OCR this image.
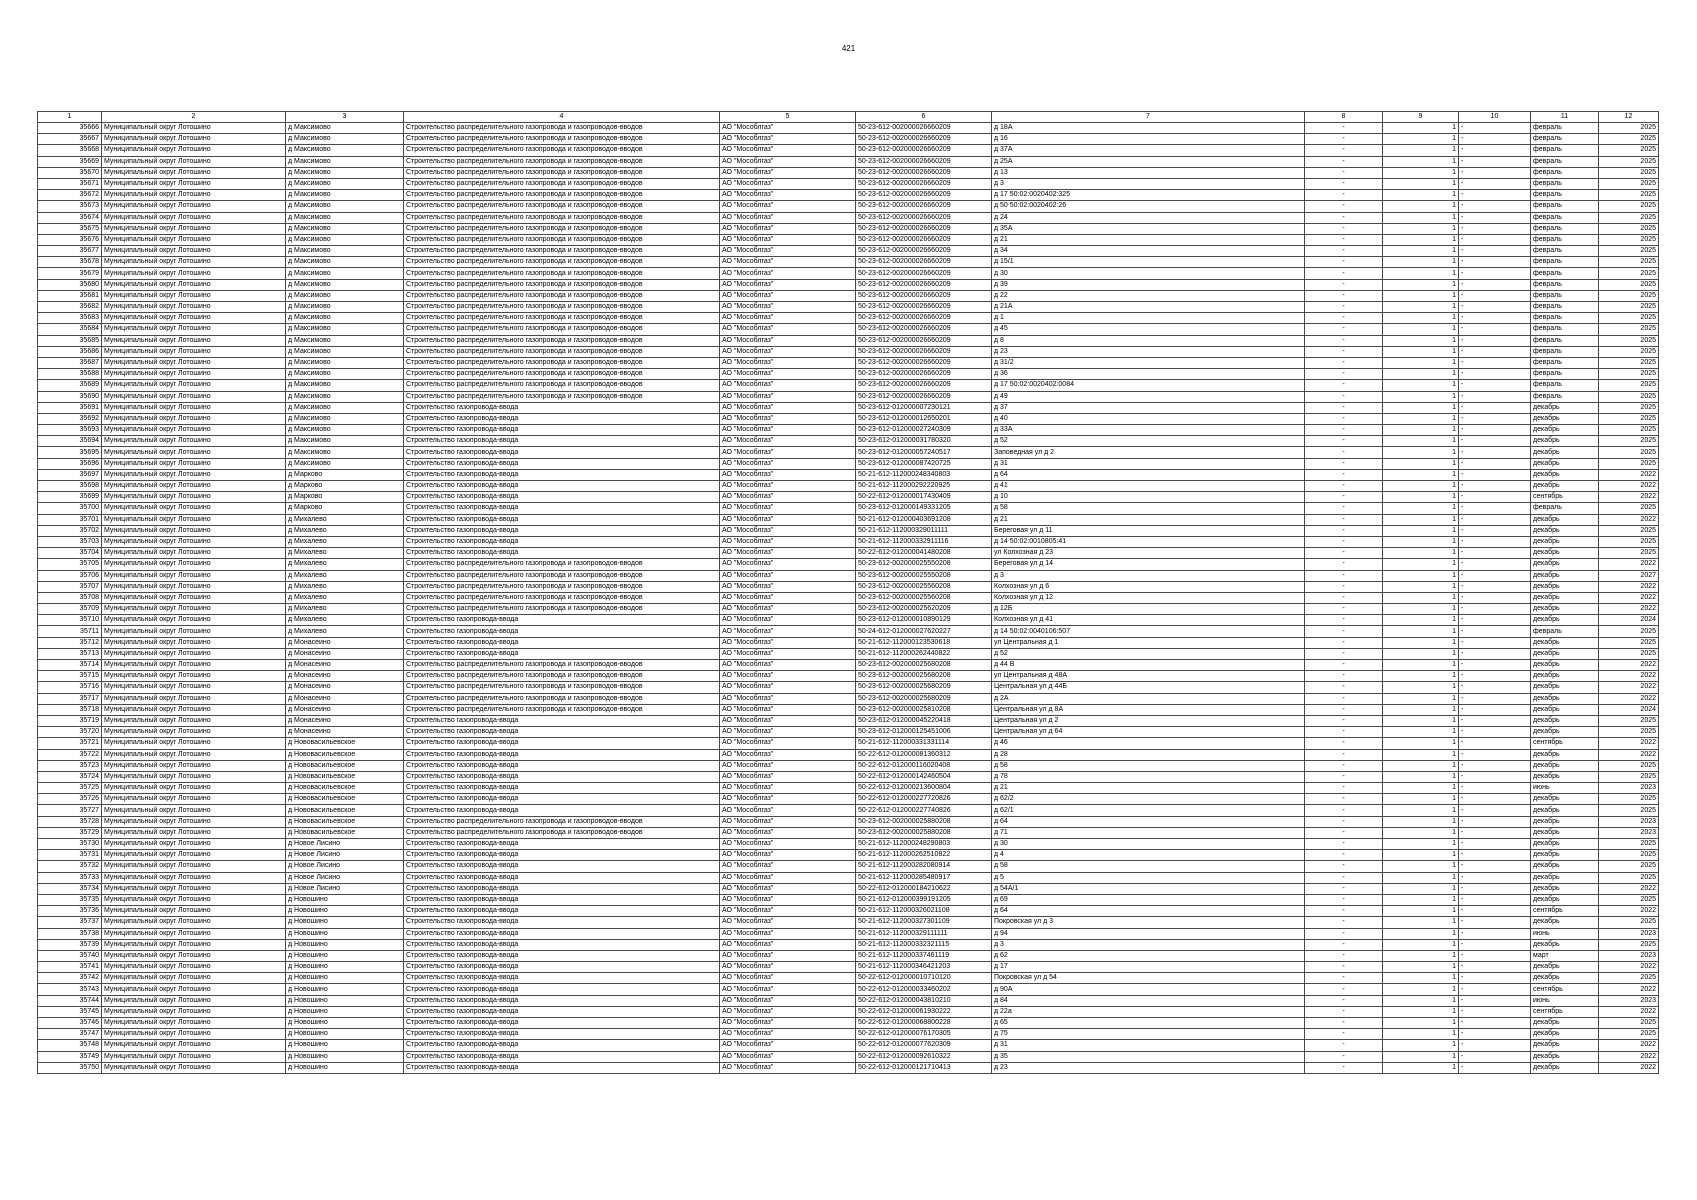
421
1	2	3	4	5	6	7	8	9	10	11	12
35666	Муниципальный округ Лотошино	д Максимово	Строительство распределительного газопровода и газопроводов-вводов	АО "Мособлгаз"	50-23-612-002000026660209	д 18А	-	1	-	февраль	2025
35667	Муниципальный округ Лотошино	д Максимово	Строительство распределительного газопровода и газопроводов-вводов	АО "Мособлгаз"	50-23-612-002000026660209	д 16	-	1	-	февраль	2025
35668	Муниципальный округ Лотошино	д Максимово	Строительство распределительного газопровода и газопроводов-вводов	АО "Мособлгаз"	50-23-612-002000026660209	д 37А	-	1	-	февраль	2025
35669	Муниципальный округ Лотошино	д Максимово	Строительство распределительного газопровода и газопроводов-вводов	АО "Мособлгаз"	50-23-612-002000026660209	д 25А	-	1	-	февраль	2025
35670	Муниципальный округ Лотошино	д Максимово	Строительство распределительного газопровода и газопроводов-вводов	АО "Мособлгаз"	50-23-612-002000026660209	д 13	-	1	-	февраль	2025
35671	Муниципальный округ Лотошино	д Максимово	Строительство распределительного газопровода и газопроводов-вводов	АО "Мособлгаз"	50-23-612-002000026660209	д 3	-	1	-	февраль	2025
35672	Муниципальный округ Лотошино	д Максимово	Строительство распределительного газопровода и газопроводов-вводов	АО "Мособлгаз"	50-23-612-002000026660209	д 17 50:02:0020402:325	-	1	-	февраль	2025
35673	Муниципальный округ Лотошино	д Максимово	Строительство распределительного газопровода и газопроводов-вводов	АО "Мособлгаз"	50-23-612-002000026660209	д 50 50:02:0020402:26	-	1	-	февраль	2025
35674	Муниципальный округ Лотошино	д Максимово	Строительство распределительного газопровода и газопроводов-вводов	АО "Мособлгаз"	50-23-612-002000026660209	д 24	-	1	-	февраль	2025
35675	Муниципальный округ Лотошино	д Максимово	Строительство распределительного газопровода и газопроводов-вводов	АО "Мособлгаз"	50-23-612-002000026660209	д 35А	-	1	-	февраль	2025
35676	Муниципальный округ Лотошино	д Максимово	Строительство распределительного газопровода и газопроводов-вводов	АО "Мособлгаз"	50-23-612-002000026660209	д 21	-	1	-	февраль	2025
35677	Муниципальный округ Лотошино	д Максимово	Строительство распределительного газопровода и газопроводов-вводов	АО "Мособлгаз"	50-23-612-002000026660209	д 34	-	1	-	февраль	2025
35678	Муниципальный округ Лотошино	д Максимово	Строительство распределительного газопровода и газопроводов-вводов	АО "Мособлгаз"	50-23-612-002000026660209	д 15/1	-	1	-	февраль	2025
35679	Муниципальный округ Лотошино	д Максимово	Строительство распределительного газопровода и газопроводов-вводов	АО "Мособлгаз"	50-23-612-002000026660209	д 30	-	1	-	февраль	2025
35680	Муниципальный округ Лотошино	д Максимово	Строительство распределительного газопровода и газопроводов-вводов	АО "Мособлгаз"	50-23-612-002000026660209	д 39	-	1	-	февраль	2025
35681	Муниципальный округ Лотошино	д Максимово	Строительство распределительного газопровода и газопроводов-вводов	АО "Мособлгаз"	50-23-612-002000026660209	д 22	-	1	-	февраль	2025
35682	Муниципальный округ Лотошино	д Максимово	Строительство распределительного газопровода и газопроводов-вводов	АО "Мособлгаз"	50-23-612-002000026660209	д 21А	-	1	-	февраль	2025
35683	Муниципальный округ Лотошино	д Максимово	Строительство распределительного газопровода и газопроводов-вводов	АО "Мособлгаз"	50-23-612-002000026660209	д 1	-	1	-	февраль	2025
35684	Муниципальный округ Лотошино	д Максимово	Строительство распределительного газопровода и газопроводов-вводов	АО "Мособлгаз"	50-23-612-002000026660209	д 45	-	1	-	февраль	2025
35685	Муниципальный округ Лотошино	д Максимово	Строительство распределительного газопровода и газопроводов-вводов	АО "Мособлгаз"	50-23-612-002000026660209	д 8	-	1	-	февраль	2025
35686	Муниципальный округ Лотошино	д Максимово	Строительство распределительного газопровода и газопроводов-вводов	АО "Мособлгаз"	50-23-612-002000026660209	д 23	-	1	-	февраль	2025
35687	Муниципальный округ Лотошино	д Максимово	Строительство распределительного газопровода и газопроводов-вводов	АО "Мособлгаз"	50-23-612-002000026660209	д 31/2	-	1	-	февраль	2025
35688	Муниципальный округ Лотошино	д Максимово	Строительство распределительного газопровода и газопроводов-вводов	АО "Мособлгаз"	50-23-612-002000026660209	д 36	-	1	-	февраль	2025
35689	Муниципальный округ Лотошино	д Максимово	Строительство распределительного газопровода и газопроводов-вводов	АО "Мособлгаз"	50-23-612-002000026660209	д 17 50:02:0020402:0084	-	1	-	февраль	2025
35690	Муниципальный округ Лотошино	д Максимово	Строительство распределительного газопровода и газопроводов-вводов	АО "Мособлгаз"	50-23-612-002000026660209	д 49	-	1	-	февраль	2025
35691	Муниципальный округ Лотошино	д Максимово	Строительство газопровода-ввода	АО "Мособлгаз"	50-23-612-012000007230121	д 37	-	1	-	декабрь	2025
35692	Муниципальный округ Лотошино	д Максимово	Строительство газопровода-ввода	АО "Мособлгаз"	50-23-612-012000012650201	д 40	-	1	-	декабрь	2025
35693	Муниципальный округ Лотошино	д Максимово	Строительство газопровода-ввода	АО "Мособлгаз"	50-23-612-012000027240309	д 33А	-	1	-	декабрь	2025
35694	Муниципальный округ Лотошино	д Максимово	Строительство газопровода-ввода	АО "Мособлгаз"	50-23-612-012000031780320	д 52	-	1	-	декабрь	2025
35695	Муниципальный округ Лотошино	д Максимово	Строительство газопровода-ввода	АО "Мособлгаз"	50-23-612-012000057240517	Заповедная ул д 2	-	1	-	декабрь	2025
35696	Муниципальный округ Лотошино	д Максимово	Строительство газопровода-ввода	АО "Мособлгаз"	50-23-612-012000087420725	д 31	-	1	-	декабрь	2025
35697	Муниципальный округ Лотошино	д Марково	Строительство газопровода-ввода	АО "Мособлгаз"	50-21-612-112000248340803	д 64	-	1	-	декабрь	2022
35698	Муниципальный округ Лотошино	д Марково	Строительство газопровода-ввода	АО "Мособлгаз"	50-21-612-112000292220925	д 41	-	1	-	декабрь	2022
35699	Муниципальный округ Лотошино	д Марково	Строительство газопровода-ввода	АО "Мособлгаз"	50-22-612-012000017430409	д 10	-	1	-	сентябрь	2022
35700	Муниципальный округ Лотошино	д Марково	Строительство газопровода-ввода	АО "Мособлгаз"	50-23-612-012000149331205	д 58	-	1	-	февраль	2025
35701	Муниципальный округ Лотошино	д Михалево	Строительство газопровода-ввода	АО "Мособлгаз"	50-21-612-012000403691208	д 21	-	1	-	декабрь	2022
35702	Муниципальный округ Лотошино	д Михалево	Строительство газопровода-ввода	АО "Мособлгаз"	50-21-612-112000329011111	Береговая ул д 11	-	1	-	декабрь	2025
35703	Муниципальный округ Лотошино	д Михалево	Строительство газопровода-ввода	АО "Мособлгаз"	50-21-612-112000332911116	д 14 50:02:0010805:41	-	1	-	декабрь	2025
35704	Муниципальный округ Лотошино	д Михалево	Строительство газопровода-ввода	АО "Мособлгаз"	50-22-612-012000041480208	ул Колхозная д 23	-	1	-	декабрь	2025
35705	Муниципальный округ Лотошино	д Михалево	Строительство распределительного газопровода и газопроводов-вводов	АО "Мособлгаз"	50-23-612-002000025550208	Береговая ул д 14	-	1	-	декабрь	2022
35706	Муниципальный округ Лотошино	д Михалево	Строительство распределительного газопровода и газопроводов-вводов	АО "Мособлгаз"	50-23-612-002000025550208	д 3	-	1	-	декабрь	2027
35707	Муниципальный округ Лотошино	д Михалево	Строительство распределительного газопровода и газопроводов-вводов	АО "Мособлгаз"	50-23-612-002000025560208	Колхозная ул д 6	-	1	-	декабрь	2022
35708	Муниципальный округ Лотошино	д Михалево	Строительство распределительного газопровода и газопроводов-вводов	АО "Мособлгаз"	50-23-612-002000025560208	Колхозная ул д 12	-	1	-	декабрь	2022
35709	Муниципальный округ Лотошино	д Михалево	Строительство распределительного газопровода и газопроводов-вводов	АО "Мособлгаз"	50-23-612-002000025620209	д 12Б	-	1	-	декабрь	2022
35710	Муниципальный округ Лотошино	д Михалево	Строительство газопровода-ввода	АО "Мособлгаз"	50-23-612-012000010890129	Колхозная ул д 41	-	1	-	декабрь	2024
35711	Муниципальный округ Лотошино	д Михалево	Строительство газопровода-ввода	АО "Мособлгаз"	50-24-612-012000027620227	д 14 50:02:0040106:507	-	1	-	февраль	2025
35712	Муниципальный округ Лотошино	д Монасеино	Строительство газопровода-ввода	АО "Мособлгаз"	50-21-612-112000123530618	ул Центральная д 1	-	1	-	декабрь	2025
35713	Муниципальный округ Лотошино	д Монасеино	Строительство газопровода-ввода	АО "Мособлгаз"	50-21-612-112000262440822	д 52	-	1	-	декабрь	2025
35714	Муниципальный округ Лотошино	д Монасеино	Строительство распределительного газопровода и газопроводов-вводов	АО "Мособлгаз"	50-23-612-002000025680208	д 44 В	-	1	-	декабрь	2022
35715	Муниципальный округ Лотошино	д Монасеино	Строительство распределительного газопровода и газопроводов-вводов	АО "Мособлгаз"	50-23-612-002000025680208	ул Центральная д 48А	-	1	-	декабрь	2022
35716	Муниципальный округ Лотошино	д Монасеино	Строительство распределительного газопровода и газопроводов-вводов	АО "Мособлгаз"	50-23-612-002000025680209	Центральная ул д 44Б	-	1	-	декабрь	2022
35717	Муниципальный округ Лотошино	д Монасеино	Строительство распределительного газопровода и газопроводов-вводов	АО "Мособлгаз"	50-23-612-002000025680209	д 2А	-	1	-	декабрь	2022
35718	Муниципальный округ Лотошино	д Монасеино	Строительство распределительного газопровода и газопроводов-вводов	АО "Мособлгаз"	50-23-612-002000025810208	Центральная ул д 8А	-	1	-	декабрь	2024
35719	Муниципальный округ Лотошино	д Монасеино	Строительство газопровода-ввода	АО "Мособлгаз"	50-23-612-012000045220418	Центральная ул д 2	-	1	-	декабрь	2025
35720	Муниципальный округ Лотошино	д Монасеино	Строительство газопровода-ввода	АО "Мособлгаз"	50-23-612-012000125451006	Центральная ул д 64	-	1	-	декабрь	2025
35721	Муниципальный округ Лотошино	д Нововасильевское	Строительство газопровода-ввода	АО "Мособлгаз"	50-21-612-112000331331114	д 46	-	1	-	сентябрь	2022
35722	Муниципальный округ Лотошино	д Нововасильевское	Строительство газопровода-ввода	АО "Мособлгаз"	50-22-612-012000081360312	д 28	-	1	-	декабрь	2022
35723	Муниципальный округ Лотошино	д Нововасильевское	Строительство газопровода-ввода	АО "Мособлгаз"	50-22-612-012000116020408	д 58	-	1	-	декабрь	2025
35724	Муниципальный округ Лотошино	д Нововасильевское	Строительство газопровода-ввода	АО "Мособлгаз"	50-22-612-012000142460504	д 78	-	1	-	декабрь	2025
35725	Муниципальный округ Лотошино	д Нововасильевское	Строительство газопровода-ввода	АО "Мособлгаз"	50-22-612-012000213600804	д 21	-	1	-	июнь	2023
35726	Муниципальный округ Лотошино	д Нововасильевское	Строительство газопровода-ввода	АО "Мособлгаз"	50-22-612-012000227720826	д 62/2	-	1	-	декабрь	2025
35727	Муниципальный округ Лотошино	д Нововасильевское	Строительство газопровода-ввода	АО "Мособлгаз"	50-22-612-012000227740826	д 62/1	-	1	-	декабрь	2025
35728	Муниципальный округ Лотошино	д Нововасильевское	Строительство распределительного газопровода и газопроводов-вводов	АО "Мособлгаз"	50-23-612-002000025880208	д 64	-	1	-	декабрь	2023
35729	Муниципальный округ Лотошино	д Нововасильевское	Строительство распределительного газопровода и газопроводов-вводов	АО "Мособлгаз"	50-23-612-002000025880208	д 71	-	1	-	декабрь	2023
35730	Муниципальный округ Лотошино	д Новое Лисино	Строительство газопровода-ввода	АО "Мособлгаз"	50-21-612-112000248290803	д 30	-	1	-	декабрь	2025
35731	Муниципальный округ Лотошино	д Новое Лисино	Строительство газопровода-ввода	АО "Мособлгаз"	50-21-612-112000262510822	д 4	-	1	-	декабрь	2025
35732	Муниципальный округ Лотошино	д Новое Лисино	Строительство газопровода-ввода	АО "Мособлгаз"	50-21-612-112000282080914	д 58	-	1	-	декабрь	2025
35733	Муниципальный округ Лотошино	д Новое Лисино	Строительство газопровода-ввода	АО "Мособлгаз"	50-21-612-112000285480917	д 5	-	1	-	декабрь	2025
35734	Муниципальный округ Лотошино	д Новое Лисино	Строительство газопровода-ввода	АО "Мособлгаз"	50-22-612-012000184210622	д 54А/1	-	1	-	декабрь	2022
35735	Муниципальный округ Лотошино	д Новошино	Строительство газопровода-ввода	АО "Мособлгаз"	50-21-612-012000399191205	д 69	-	1	-	декабрь	2025
35736	Муниципальный округ Лотошино	д Новошино	Строительство газопровода-ввода	АО "Мособлгаз"	50-21-612-112000326021108	д 64	-	1	-	сентябрь	2022
35737	Муниципальный округ Лотошино	д Новошино	Строительство газопровода-ввода	АО "Мособлгаз"	50-21-612-112000327301109	Покровская ул д 3	-	1	-	декабрь	2025
35738	Муниципальный округ Лотошино	д Новошино	Строительство газопровода-ввода	АО "Мособлгаз"	50-21-612-112000329111111	д 94	-	1	-	июнь	2023
35739	Муниципальный округ Лотошино	д Новошино	Строительство газопровода-ввода	АО "Мособлгаз"	50-21-612-112000332321115	д 3	-	1	-	декабрь	2025
35740	Муниципальный округ Лотошино	д Новошино	Строительство газопровода-ввода	АО "Мособлгаз"	50-21-612-112000337461119	д 62	-	1	-	март	2023
35741	Муниципальный округ Лотошино	д Новошино	Строительство газопровода-ввода	АО "Мособлгаз"	50-21-612-112000346421203	д 17	-	1	-	декабрь	2022
35742	Муниципальный округ Лотошино	д Новошино	Строительство газопровода-ввода	АО "Мособлгаз"	50-22-612-012000010710120	Покровская ул д 54	-	1	-	декабрь	2025
35743	Муниципальный округ Лотошино	д Новошино	Строительство газопровода-ввода	АО "Мособлгаз"	50-22-612-012000033460202	д 90А	-	1	-	сентябрь	2022
35744	Муниципальный округ Лотошино	д Новошино	Строительство газопровода-ввода	АО "Мособлгаз"	50-22-612-012000043810210	д 84	-	1	-	июнь	2023
35745	Муниципальный округ Лотошино	д Новошино	Строительство газопровода-ввода	АО "Мособлгаз"	50-22-612-012000061930222	д 22а	-	1	-	сентябрь	2022
35746	Муниципальный округ Лотошино	д Новошино	Строительство газопровода-ввода	АО "Мособлгаз"	50-22-612-012000068800228	д 65	-	1	-	декабрь	2025
35747	Муниципальный округ Лотошино	д Новошино	Строительство газопровода-ввода	АО "Мособлгаз"	50-22-612-012000076170305	д 75	-	1	-	декабрь	2025
35748	Муниципальный округ Лотошино	д Новошино	Строительство газопровода-ввода	АО "Мособлгаз"	50-22-612-012000077620309	д 31	-	1	-	декабрь	2022
35749	Муниципальный округ Лотошино	д Новошино	Строительство газопровода-ввода	АО "Мособлгаз"	50-22-612-012000092610322	д 35	-	1	-	декабрь	2022
35750	Муниципальный округ Лотошино	д Новошино	Строительство газопровода-ввода	АО "Мособлгаз"	50-22-612-012000121710413	д 23	-	1	-	декабрь	2022
